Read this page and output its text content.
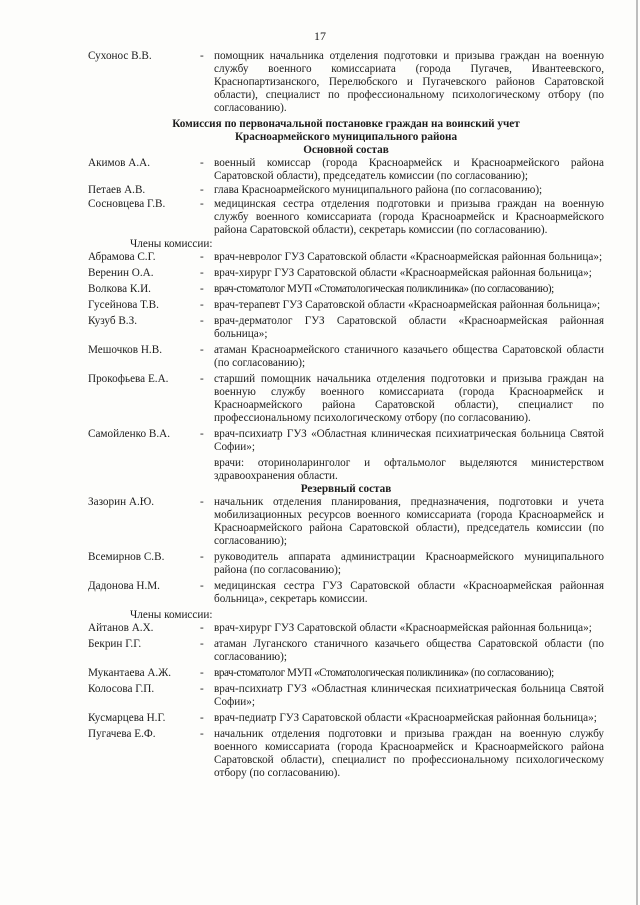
17
Сухонос В.В.	- помощник начальника отделения подготовки и призыва граждан на военную службу военного комиссариата (города Пугачев, Ивантеевского, Краснопартизанского, Перелюбского и Пугачевского районов Саратовской области), специалист по профессиональному психологическому отбору (по согласованию).
Комиссия по первоначальной постановке граждан на воинский учет
Красноармейского муниципального района
Основной состав
Акимов А.А.	- военный комиссар (города Красноармейск и Красноармейского района Саратовской области), председатель комиссии (по согласованию);
Петаев А.В.	- глава Красноармейского муниципального района (по согласованию);
Сосновцева Г.В.	- медицинская сестра отделения подготовки и призыва граждан на военную службу военного комиссариата (города Красноармейск и Красноармейского района Саратовской области), секретарь комиссии (по согласованию).
Члены комиссии:
Абрамова С.Г.	- врач-невролог ГУЗ Саратовской области «Красноармейская районная больница»;
Веренин О.А.	- врач-хирург ГУЗ Саратовской области «Красноармейская районная больница»;
Волкова К.И.	- врач-стоматолог МУП «Стоматологическая поликлиника» (по согласованию);
Гусейнова Т.В.	- врач-терапевт ГУЗ Саратовской области «Красноармейская районная больница»;
Кузуб В.З.	- врач-дерматолог ГУЗ Саратовской области «Красноармейская районная больница»;
Мешочков Н.В.	- атаман Красноармейского станичного казачьего общества Саратовской области (по согласованию);
Прокофьева Е.А.	- старший помощник начальника отделения подготовки и призыва граждан на военную службу военного комиссариата (города Красноармейск и Красноармейского района Саратовской области), специалист по профессиональному психологическому отбору (по согласованию).
Самойленко В.А.	- врач-психиатр ГУЗ «Областная клиническая психиатрическая больница Святой Софии»;
врачи: оториноларинголог и офтальмолог выделяются министерством здравоохранения области.
Резервный состав
Зазорин А.Ю.	- начальник отделения планирования, предназначения, подготовки и учета мобилизационных ресурсов военного комиссариата (города Красноармейск и Красноармейского района Саратовской области), председатель комиссии (по согласованию);
Всемирнов С.В.	- руководитель аппарата администрации Красноармейского муниципального района (по согласованию);
Дадонова Н.М.	- медицинская сестра ГУЗ Саратовской области «Красноармейская районная больница», секретарь комиссии.
Члены комиссии:
Айтанов А.Х.	- врач-хирург ГУЗ Саратовской области «Красноармейская районная больница»;
Бекрин Г.Г.	- атаман Луганского станичного казачьего общества Саратовской области (по согласованию);
Мукантаева А.Ж.	- врач-стоматолог МУП «Стоматологическая поликлиника» (по согласованию);
Колосова Г.П.	- врач-психиатр ГУЗ «Областная клиническая психиатрическая больница Святой Софии»;
Кусмарцева Н.Г.	- врач-педиатр ГУЗ Саратовской области «Красноармейская районная больница»;
Пугачева Е.Ф.	- начальник отделения подготовки и призыва граждан на военную службу военного комиссариата (города Красноармейск и Красноармейского района Саратовской области), специалист по профессиональному психологическому отбору (по согласованию).
